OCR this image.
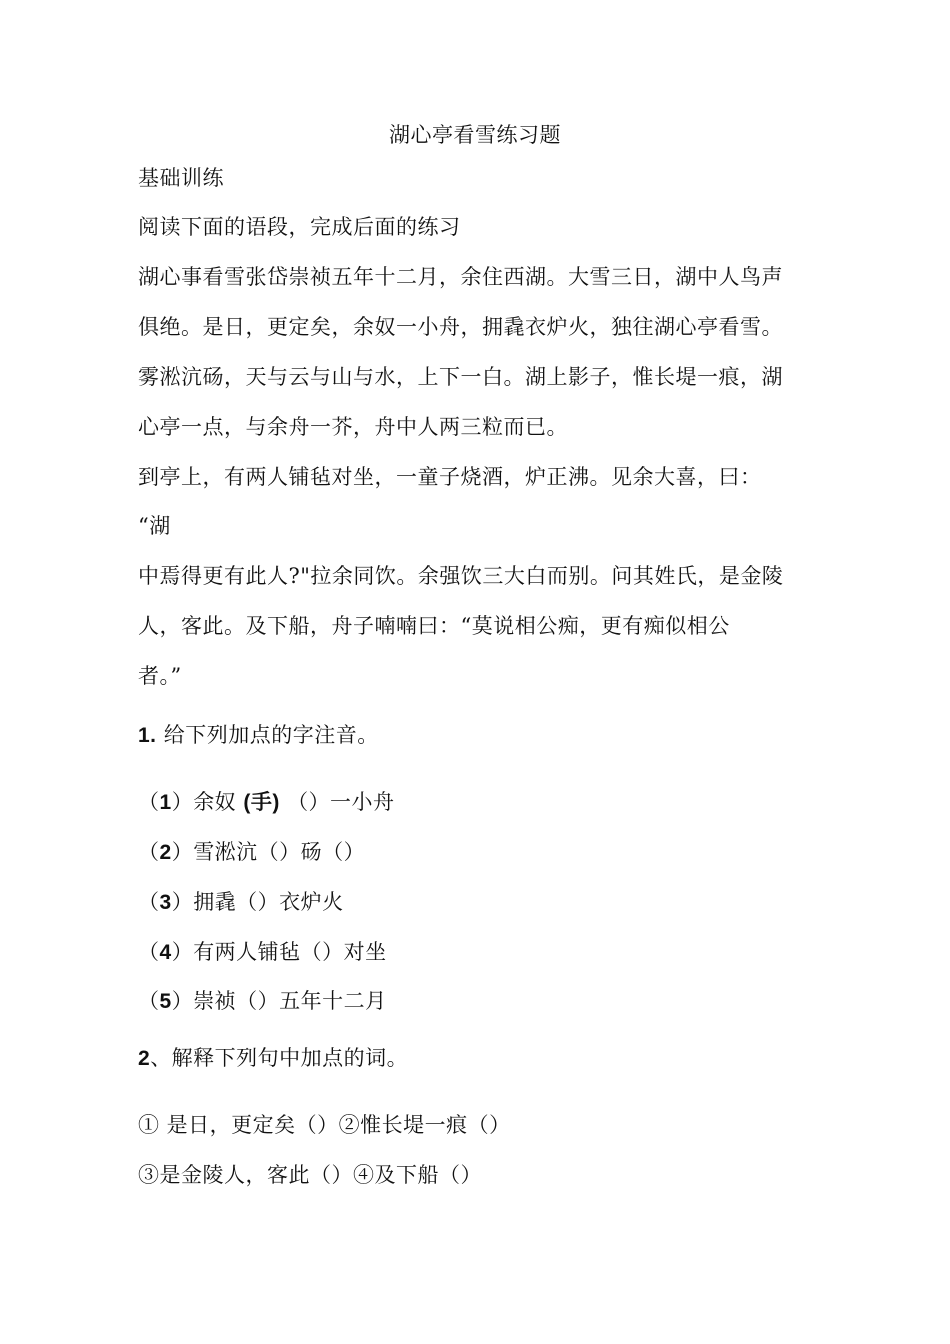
湖心亭看雪练习题
基础训练
阅读下面的语段，完成后面的练习
湖心事看雪张岱崇祯五年十二月，余住西湖。大雪三日，湖中人鸟声
俱绝。是日，更定矣，余奴一小舟，拥毳衣炉火，独往湖心亭看雪。
雾淞沆砀，天与云与山与水，上下一白。湖上影子，惟长堤一痕，湖
心亭一点，与余舟一芥，舟中人两三粒而已。
到亭上，有两人铺毡对坐，一童子烧酒，炉正沸。见余大喜，曰：
“湖
中焉得更有此人?"拉余同饮。余强饮三大白而别。问其姓氏，是金陵
人，客此。及下船，舟子喃喃曰：“莫说相公痴，更有痴似相公
者。”
1. 给下列加点的字注音。
（1）余奴 (手) （）一小舟
（2）雪淞沆（）砀（）
（3）拥毳（）衣炉火
（4）有两人铺毡（）对坐
（5）崇祯（）五年十二月
2、解释下列句中加点的词。
① 是日，更定矣（）②惟长堤一痕（）
③是金陵人，客此（）④及下船（）
